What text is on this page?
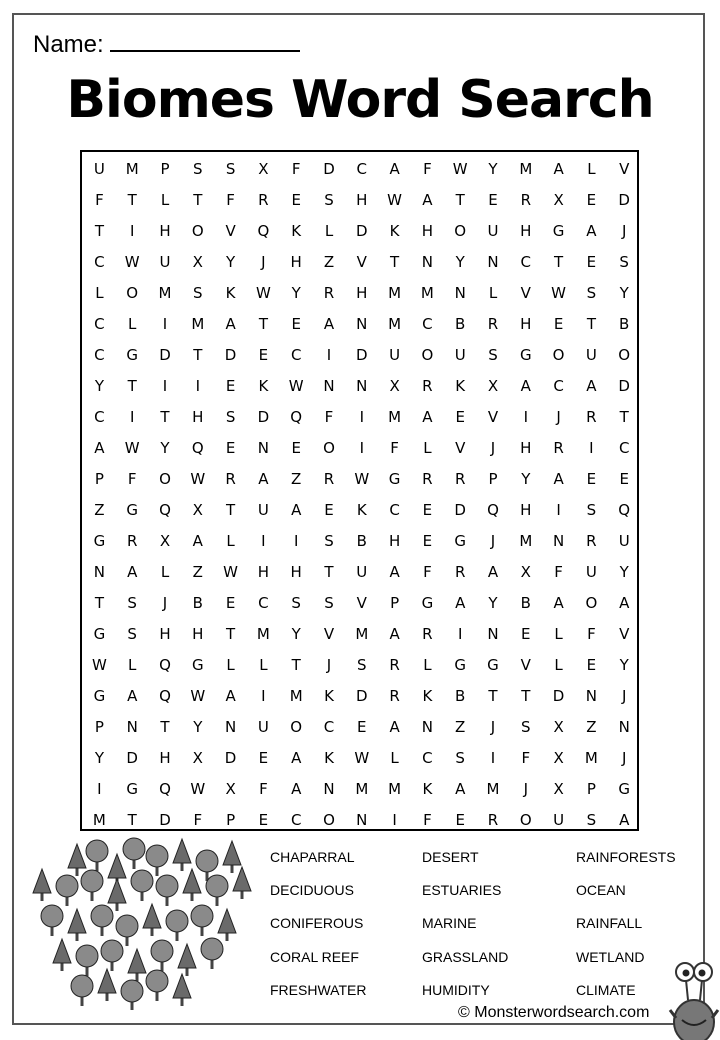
Name:
Biomes Word Search
U	M	P	S	S	X	F	D	C	A	F	W	Y	M	A	L	V
F	T	L	T	F	R	E	S	H	W	A	T	E	R	X	E	D
T	I	H	O	V	Q	K	L	D	K	H	O	U	H	G	A	J
C	W	U	X	Y	J	H	Z	V	T	N	Y	N	C	T	E	S
L	O	M	S	K	W	Y	R	H	M	M	N	L	V	W	S	Y
C	L	I	M	A	T	E	A	N	M	C	B	R	H	E	T	B
C	G	D	T	D	E	C	I	D	U	O	U	S	G	O	U	O
Y	T	I	I	E	K	W	N	N	X	R	K	X	A	C	A	D
C	I	T	H	S	D	Q	F	I	M	A	E	V	I	J	R	T
A	W	Y	Q	E	N	E	O	I	F	L	V	J	H	R	I	C
P	F	O	W	R	A	Z	R	W	G	R	R	P	Y	A	E	E
Z	G	Q	X	T	U	A	E	K	C	E	D	Q	H	I	S	Q
G	R	X	A	L	I	I	S	B	H	E	G	J	M	N	R	U
N	A	L	Z	W	H	H	T	U	A	F	R	A	X	F	U	Y
T	S	J	B	E	C	S	S	V	P	G	A	Y	B	A	O	A
G	S	H	H	T	M	Y	V	M	A	R	I	N	E	L	F	V
W	L	Q	G	L	L	T	J	S	R	L	G	G	V	L	E	Y
G	A	Q	W	A	I	M	K	D	R	K	B	T	T	D	N	J
P	N	T	Y	N	U	O	C	E	A	N	Z	J	S	X	Z	N
Y	D	H	X	D	E	A	K	W	L	C	S	I	F	X	M	J
I	G	Q	W	X	F	A	N	M	M	K	A	M	J	X	P	G
M	T	D	F	P	E	C	O	N	I	F	E	R	O	U	S	A
CHAPARRAL
DECIDUOUS
CONIFEROUS
CORAL REEF
FRESHWATER
DESERT
ESTUARIES
MARINE
GRASSLAND
HUMIDITY
RAINFORESTS
OCEAN
RAINFALL
WETLAND
CLIMATE
© Monsterwordsearch.com
